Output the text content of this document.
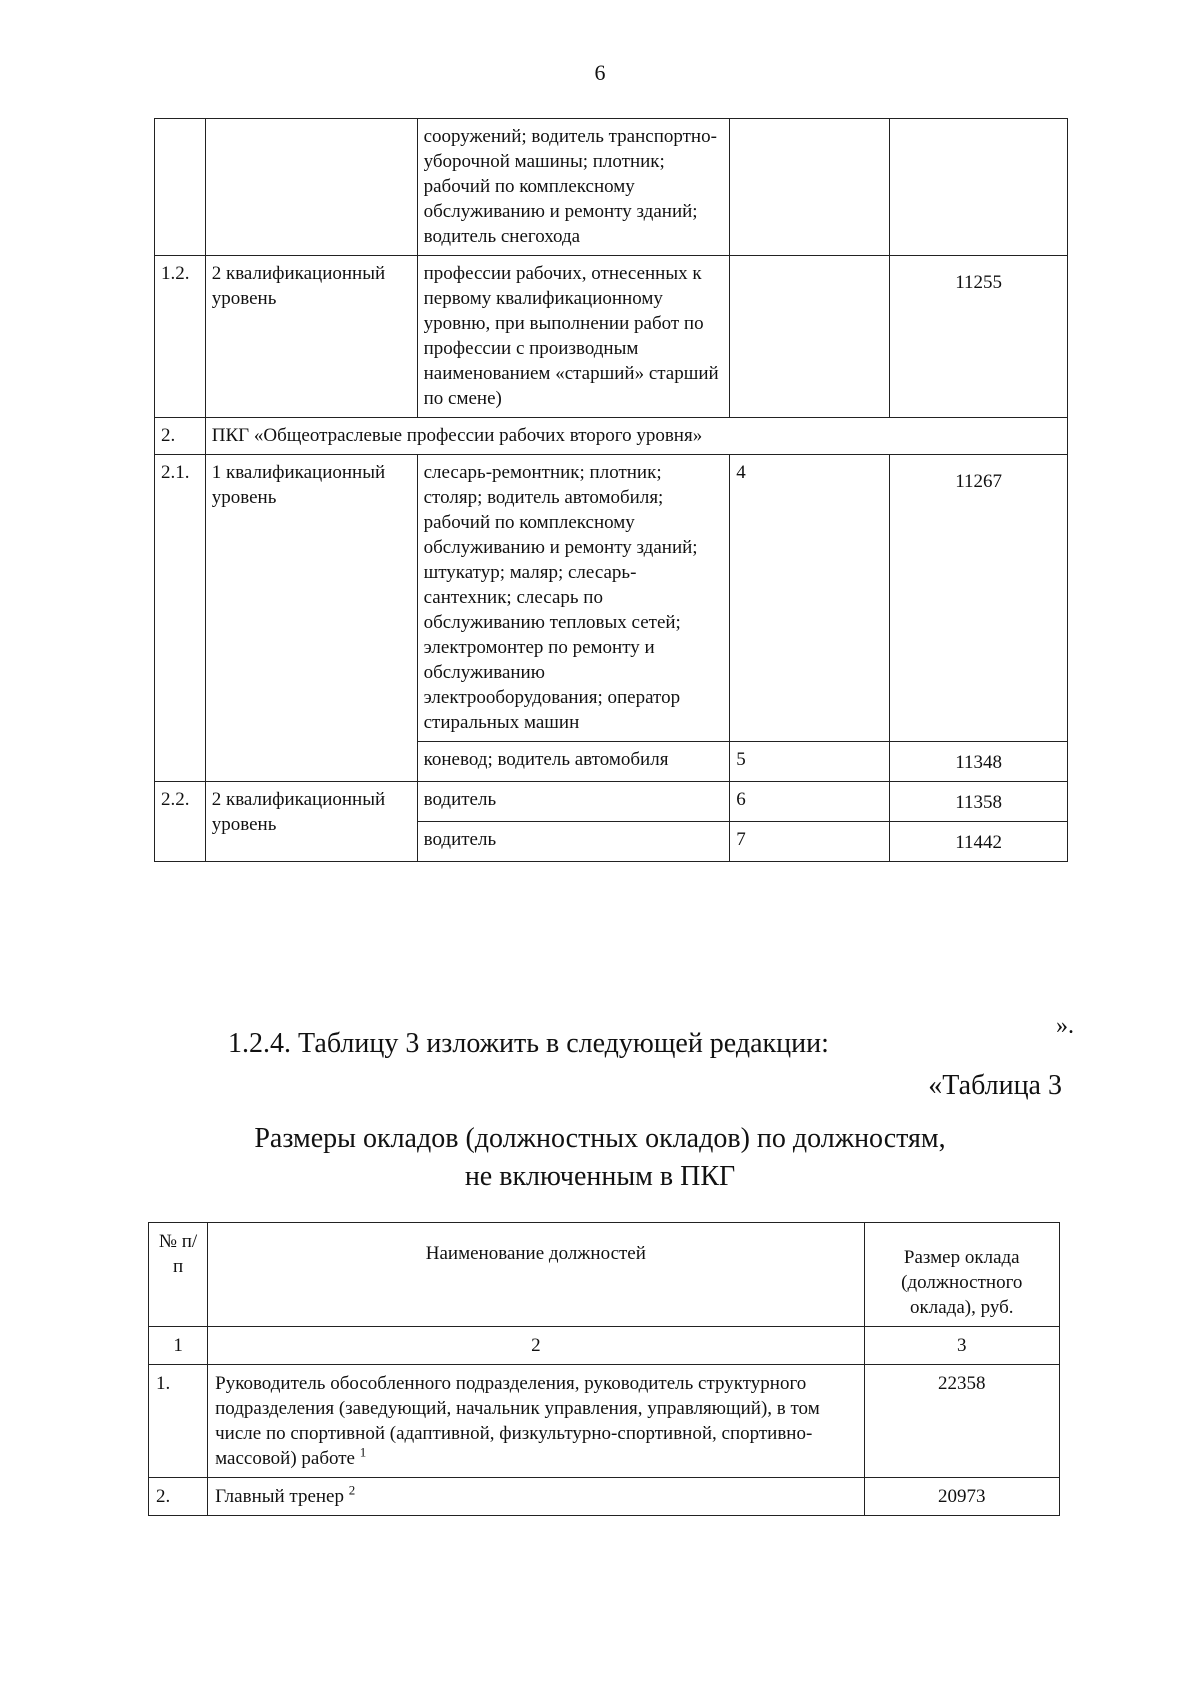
6
		сооружений; водитель транспортно-уборочной машины; плотник; рабочий по комплексному обслуживанию и ремонту зданий; водитель снегохода		
1.2.	2 квалификационный уровень	профессии рабочих, отнесенных к первому квалификационному уровню, при выполнении работ по профессии с производным наименованием «старший» старший по смене)		11255
2.	ПКГ «Общеотраслевые профессии рабочих второго уровня»			
2.1.	1 квалификационный уровень	слесарь-ремонтник; плотник; столяр; водитель автомобиля; рабочий по комплексному обслуживанию и ремонту зданий; штукатур; маляр; слесарь-сантехник; слесарь по обслуживанию тепловых сетей; электромонтер по ремонту и обслуживанию электрооборудования; оператор стиральных машин	4	11267
		коневод; водитель автомобиля	5	11348
2.2.	2 квалификационный уровень	водитель	6	11358
		водитель	7	11442
».
1.2.4. Таблицу 3 изложить в следующей редакции:
«Таблица 3
Размеры окладов (должностных окладов) по должностям,
не включенным в ПКГ
№ п/п	Наименование должностей	Размер оклада (должностного оклада), руб.
1	2	3
1.	Руководитель обособленного подразделения, руководитель структурного подразделения (заведующий, начальник управления, управляющий), в том числе по спортивной (адаптивной, физкультурно-спортивной, спортивно-массовой) работе $^1$	22358
2.	Главный тренер $^2$	20973
